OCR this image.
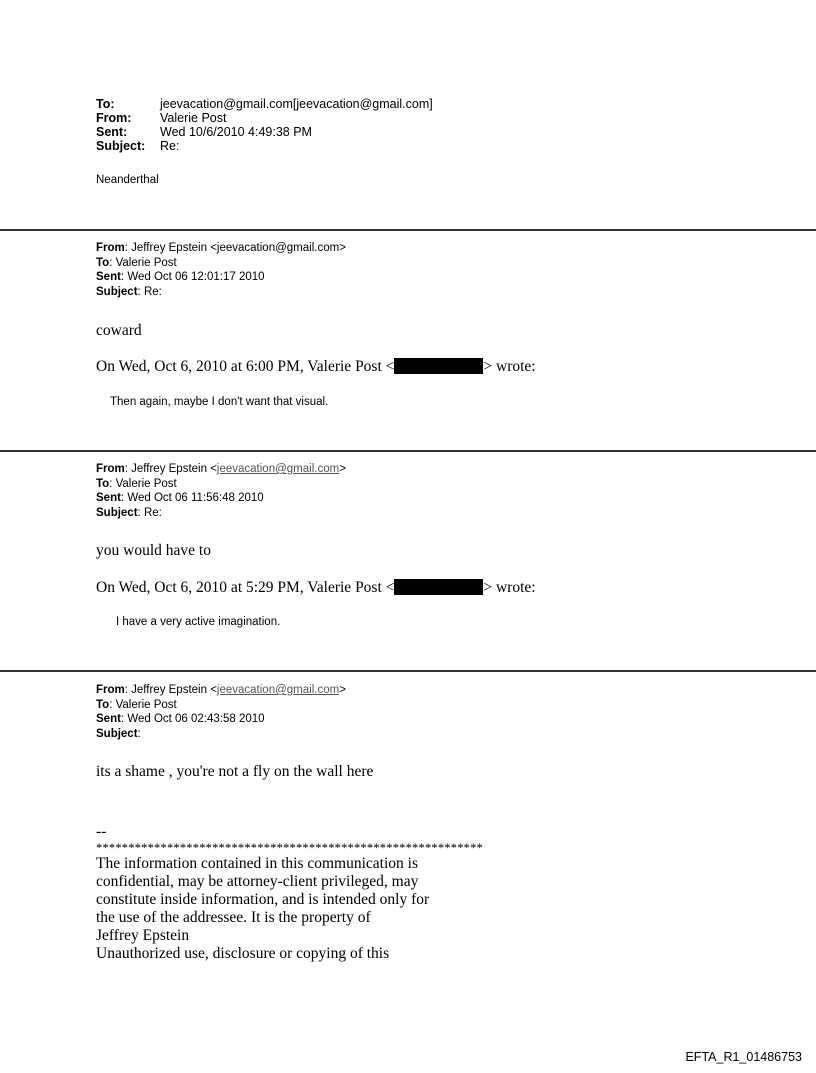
To:	jeevacation@gmail.com[jeevacation@gmail.com]
From:	Valerie Post
Sent:	Wed 10/6/2010 4:49:38 PM
Subject:	Re:
Neanderthal
From: Jeffrey Epstein <jeevacation@gmail.com>
To: Valerie Post
Sent: Wed Oct 06 12:01:17 2010
Subject: Re:
coward
On Wed, Oct 6, 2010 at 6:00 PM, Valerie Post <	> wrote:
Then again, maybe I don't want that visual.
From: Jeffrey Epstein <jeevacation@gmail.com>
To: Valerie Post
Sent: Wed Oct 06 11:56:48 2010
Subject: Re:
you would have to
On Wed, Oct 6, 2010 at 5:29 PM, Valerie Post <	> wrote:
I have a very active imagination.
From: Jeffrey Epstein <jeevacation@gmail.com>
To: Valerie Post
Sent: Wed Oct 06 02:43:58 2010
Subject:
its a shame , you're not a fly on the wall here
--
************************************************************
The information contained in this communication is
confidential, may be attorney-client privileged, may
constitute inside information, and is intended only for
the use of the addressee. It is the property of
Jeffrey Epstein
Unauthorized use, disclosure or copying of this
EFTA_R1_01486753
